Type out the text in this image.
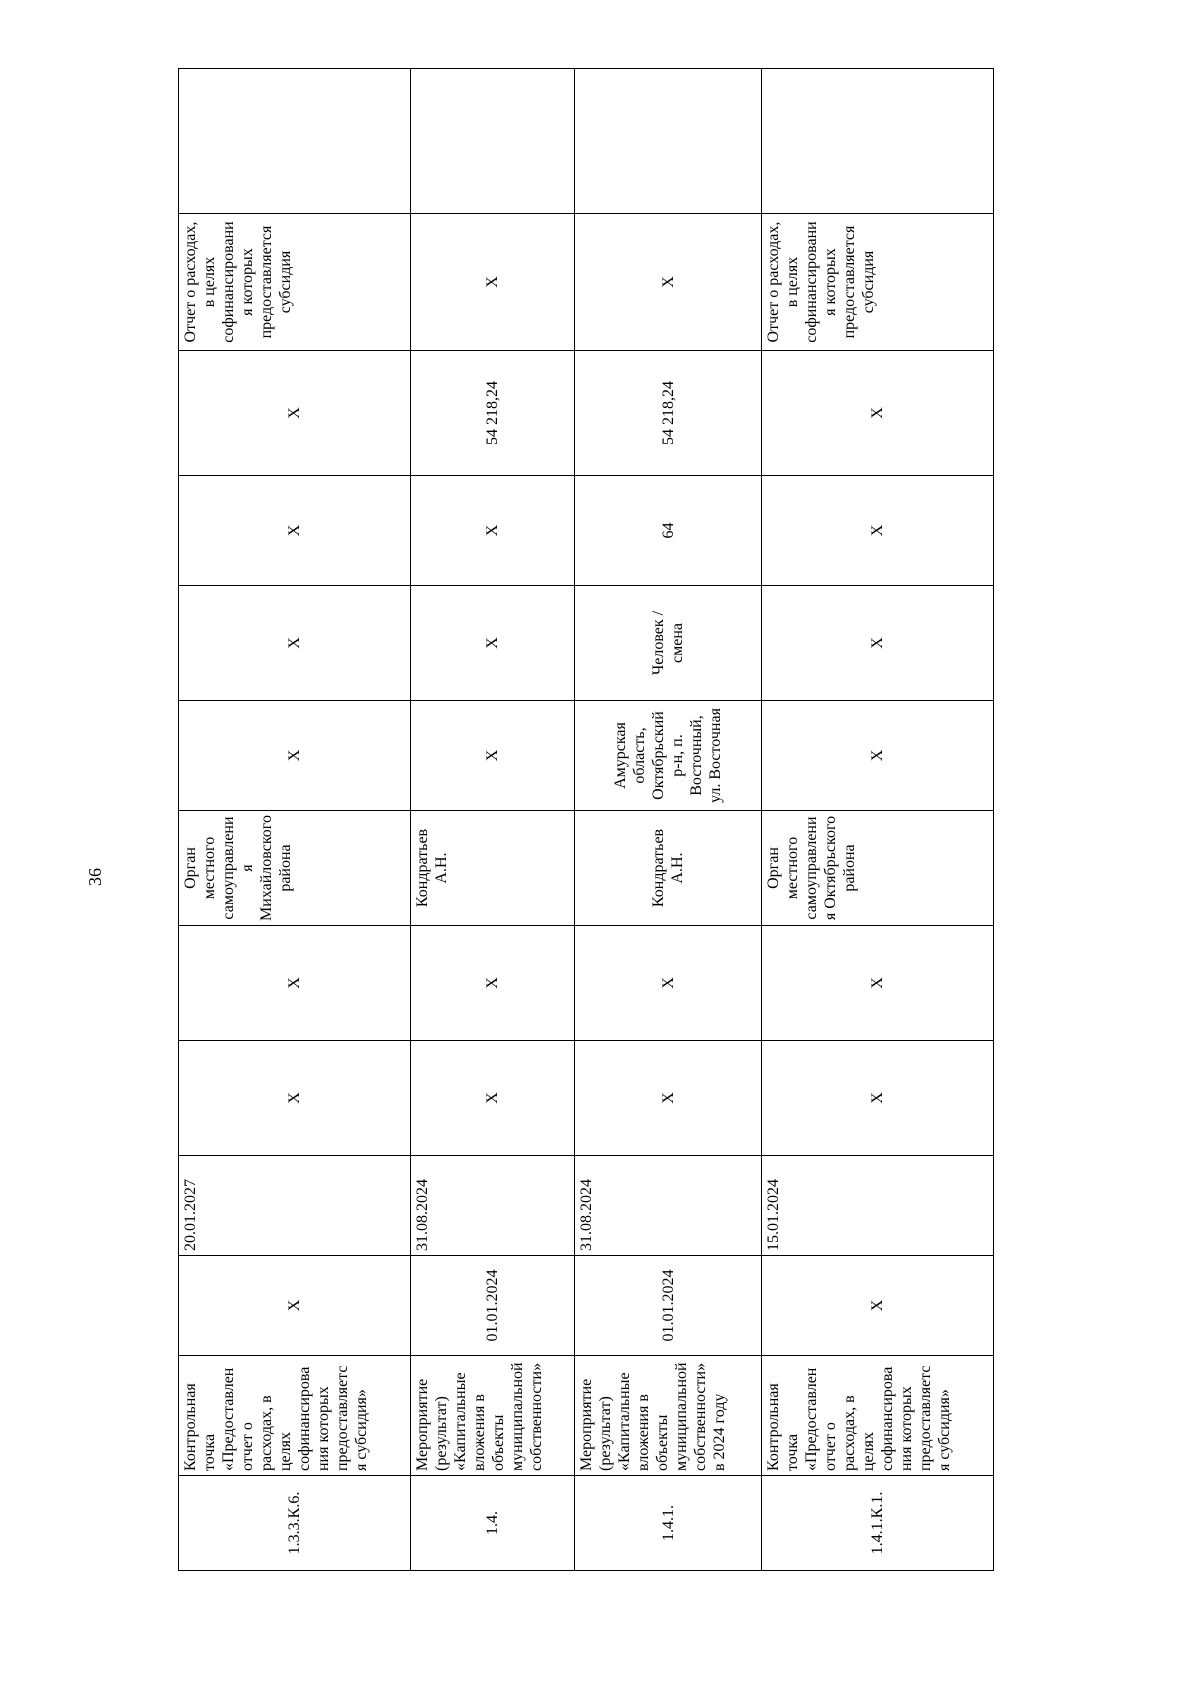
36
1.3.3.К.6.	Контрольная точка «Предоставлен отчет о расходах, в целях софинансирования которых предоставляется субсидия»	Х	20.01.2027	Х	Х	Орган местного самоуправления Михайловского района	Х	Х	Х	Х	Отчет о расходах, в целях софинансирования которых предоставляется субсидия	
1.4.	Мероприятие (результат) «Капитальные вложения в объекты муниципальной собственности»	01.01.2024	31.08.2024	Х	Х	Кондратьев А.Н.	Х	Х	Х	54 218,24	Х	
1.4.1.	Мероприятие (результат) «Капитальные вложения в объекты муниципальной собственности» в 2024 году	01.01.2024	31.08.2024	Х	Х	Кондратьев А.Н.	Амурская область, Октябрьский р-н, п. Восточный, ул. Восточная	Человек / смена	64	54 218,24	Х	
1.4.1.К.1.	Контрольная точка «Предоставлен отчет о расходах, в целях софинансирования которых предоставляется субсидия»	Х	15.01.2024	Х	Х	Орган местного самоуправления Октябрьского района	Х	Х	Х	Х	Отчет о расходах, в целях софинансирования которых предоставляется субсидия	
